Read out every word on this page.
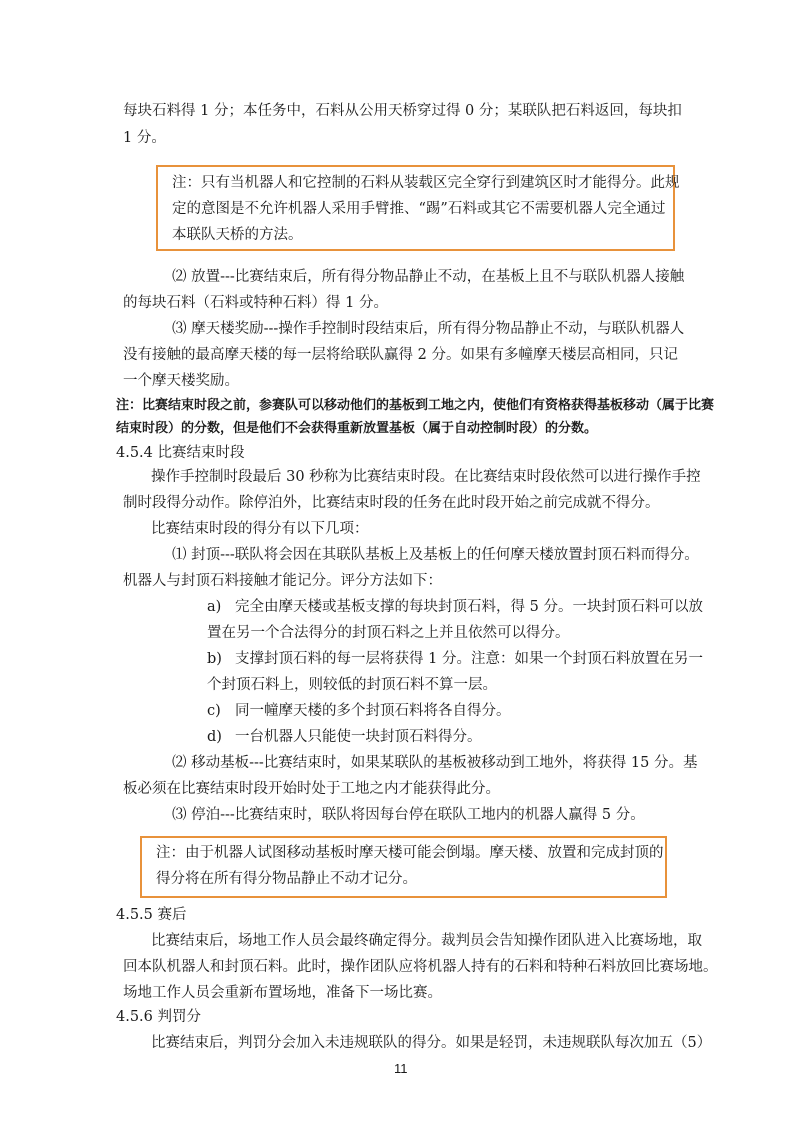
每块石料得 1 分；本任务中，石料从公用天桥穿过得 0 分；某联队把石料返回，每块扣
1 分。
注：只有当机器人和它控制的石料从装载区完全穿行到建筑区时才能得分。此规
定的意图是不允许机器人采用手臂推、“踢”石料或其它不需要机器人完全通过
本联队天桥的方法。
⑵ 放置---比赛结束后，所有得分物品静止不动，在基板上且不与联队机器人接触
的每块石料（石料或特种石料）得 1 分。
⑶ 摩天楼奖励---操作手控制时段结束后，所有得分物品静止不动，与联队机器人
没有接触的最高摩天楼的每一层将给联队赢得 2 分。如果有多幢摩天楼层高相同，只记
一个摩天楼奖励。
注：比赛结束时段之前，参赛队可以移动他们的基板到工地之内，使他们有资格获得基板移动（属于比赛
结束时段）的分数，但是他们不会获得重新放置基板（属于自动控制时段）的分数。
4.5.4 比赛结束时段
操作手控制时段最后 30 秒称为比赛结束时段。在比赛结束时段依然可以进行操作手控
制时段得分动作。除停泊外，比赛结束时段的任务在此时段开始之前完成就不得分。
比赛结束时段的得分有以下几项：
⑴ 封顶---联队将会因在其联队基板上及基板上的任何摩天楼放置封顶石料而得分。
机器人与封顶石料接触才能记分。评分方法如下：
a) 完全由摩天楼或基板支撑的每块封顶石料，得 5 分。一块封顶石料可以放
置在另一个合法得分的封顶石料之上并且依然可以得分。
b) 支撑封顶石料的每一层将获得 1 分。注意：如果一个封顶石料放置在另一
个封顶石料上，则较低的封顶石料不算一层。
c) 同一幢摩天楼的多个封顶石料将各自得分。
d) 一台机器人只能使一块封顶石料得分。
⑵ 移动基板---比赛结束时，如果某联队的基板被移动到工地外，将获得 15 分。基
板必须在比赛结束时段开始时处于工地之内才能获得此分。
⑶ 停泊---比赛结束时，联队将因每台停在联队工地内的机器人赢得 5 分。
注：由于机器人试图移动基板时摩天楼可能会倒塌。摩天楼、放置和完成封顶的
得分将在所有得分物品静止不动才记分。
4.5.5 赛后
比赛结束后，场地工作人员会最终确定得分。裁判员会告知操作团队进入比赛场地，取
回本队机器人和封顶石料。此时，操作团队应将机器人持有的石料和特种石料放回比赛场地。
场地工作人员会重新布置场地，准备下一场比赛。
4.5.6 判罚分
比赛结束后，判罚分会加入未违规联队的得分。如果是轻罚，未违规联队每次加五（5）
11
